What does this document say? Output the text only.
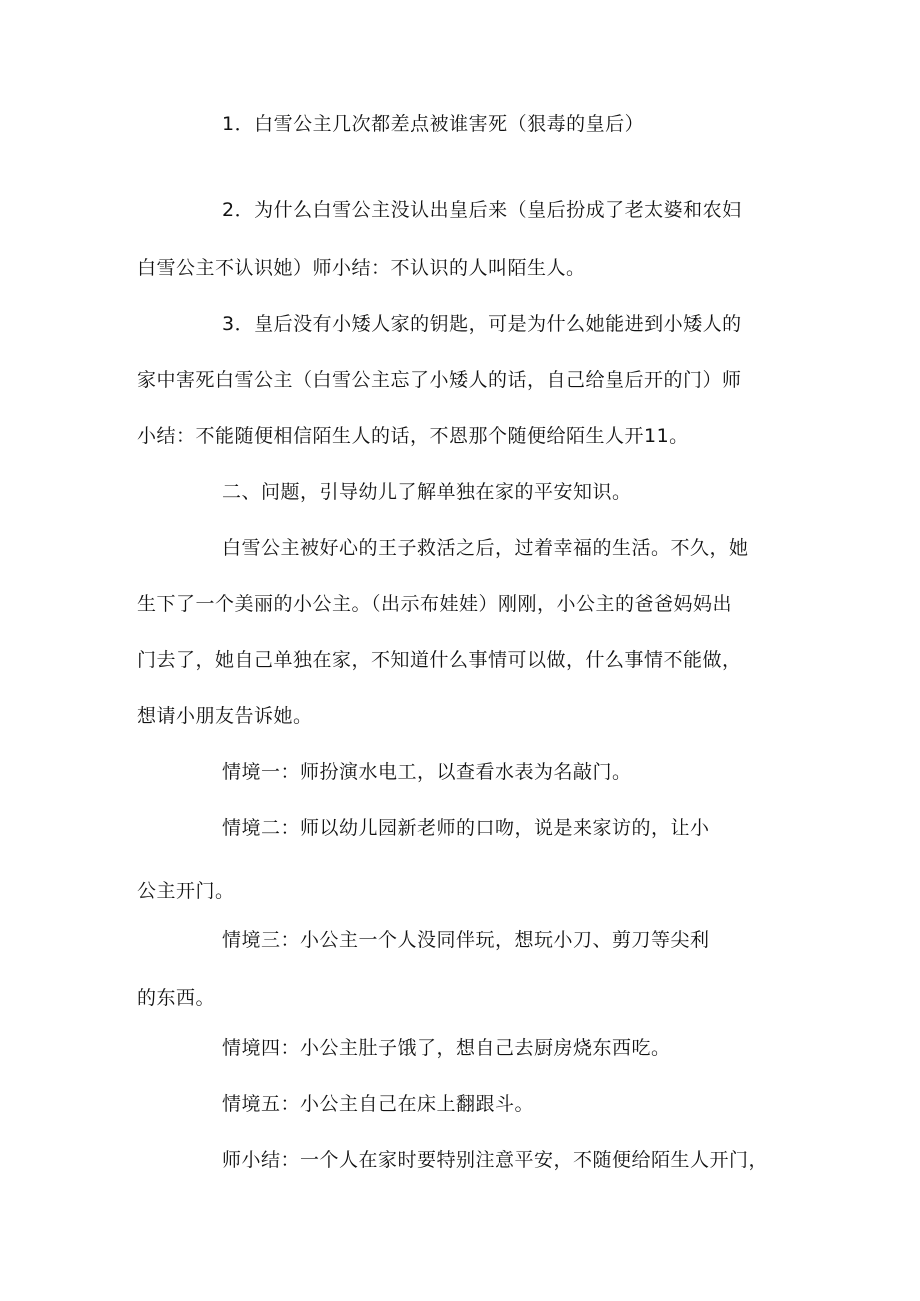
1．白雪公主几次都差点被谁害死（狠毒的皇后）
2．为什么白雪公主没认出皇后来（皇后扮成了老太婆和农妇
白雪公主不认识她）师小结：不认识的人叫陌生人。
3．皇后没有小矮人家的钥匙，可是为什么她能进到小矮人的
家中害死白雪公主（白雪公主忘了小矮人的话，自己给皇后开的门）师
小结：不能随便相信陌生人的话，不恩那个随便给陌生人开11。
二、问题，引导幼儿了解单独在家的平安知识。
白雪公主被好心的王子救活之后，过着幸福的生活。不久，她
生下了一个美丽的小公主。（出示布娃娃）刚刚，小公主的爸爸妈妈出
门去了，她自己单独在家，不知道什么事情可以做，什么事情不能做，
想请小朋友告诉她。
情境一：师扮演水电工，以查看水表为名敲门。
情境二：师以幼儿园新老师的口吻，说是来家访的，让小
公主开门。
情境三：小公主一个人没同伴玩，想玩小刀、剪刀等尖利
的东西。
情境四：小公主肚子饿了，想自己去厨房烧东西吃。
情境五：小公主自己在床上翻跟斗。
师小结：一个人在家时要特别注意平安，不随便给陌生人开门，
